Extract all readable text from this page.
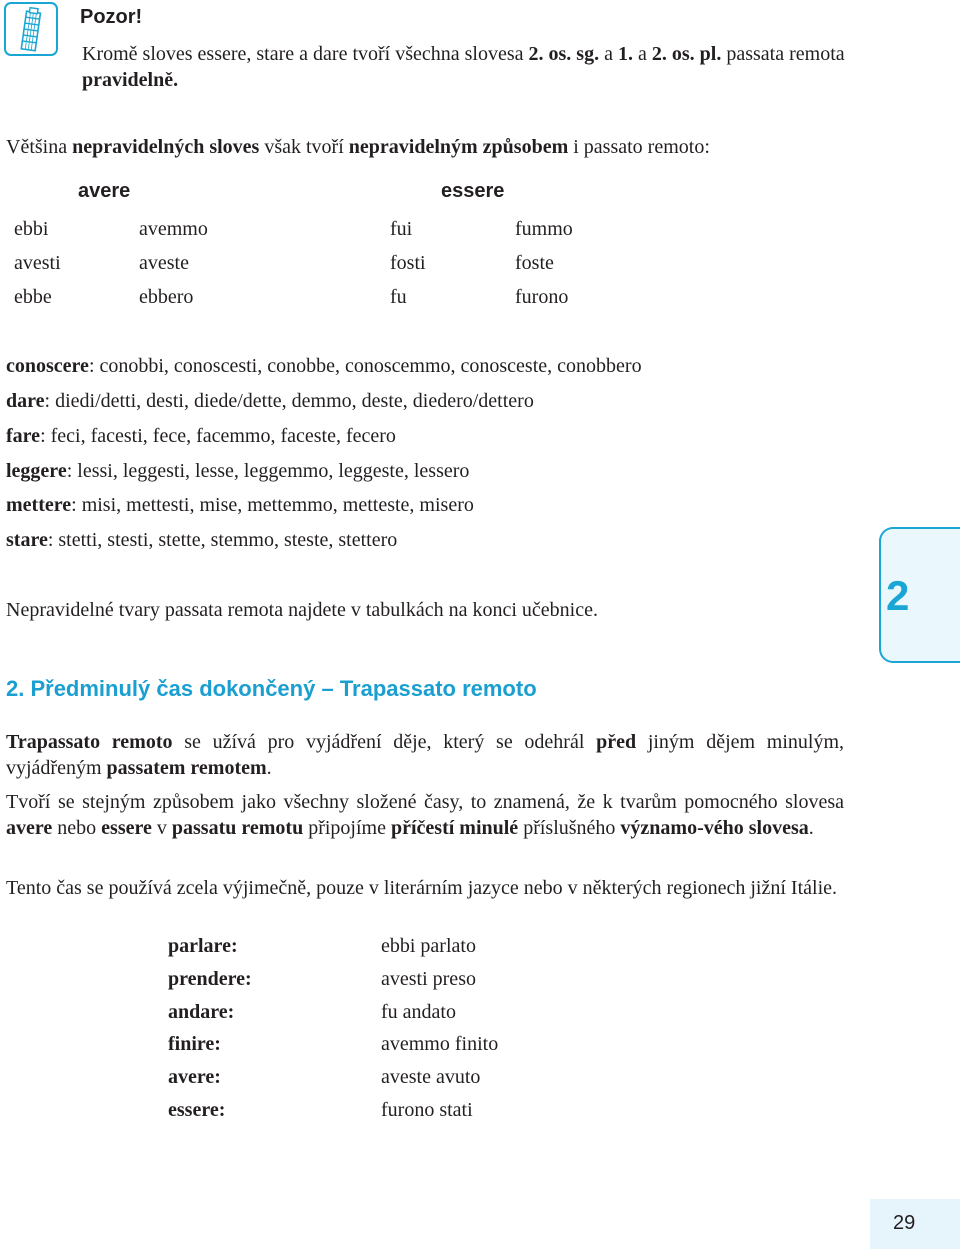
Pozor!
Kromě sloves essere, stare a dare tvoří všechna slovesa 2. os. sg. a 1. a 2. os. pl. passata remota pravidelně.
Většina nepravidelných sloves však tvoří nepravidelným způsobem i passato remoto:
avere	essere
ebbi	avemmo	fui	fummo
avesti	aveste	fosti	foste
ebbe	ebbero	fu	furono
conoscere: conobbi, conoscesti, conobbe, conoscemmo, conosceste, conobbero
dare: diedi/detti, desti, diede/dette, demmo, deste, diedero/dettero
fare: feci, facesti, fece, facemmo, faceste, fecero
leggere: lessi, leggesti, lesse, leggemmo, leggeste, lessero
mettere: misi, mettesti, mise, mettemmo, metteste, misero
stare: stetti, stesti, stette, stemmo, steste, stettero
Nepravidelné tvary passata remota najdete v tabulkách na konci učebnice.	2
2. Předminulý čas dokončený – Trapassato remoto
Trapassato remoto se užívá pro vyjádření děje, který se odehrál před jiným dějem minulým, vyjádřeným passatem remotem.
Tvoří se stejným způsobem jako všechny složené časy, to znamená, že k tvarům pomocného slovesa avere nebo essere v passatu remotu připojíme příčestí minulé příslušného významo-vého slovesa.
Tento čas se používá zcela výjimečně, pouze v literárním jazyce nebo v některých regionech jižní Itálie.
parlare:	ebbi parlato
prendere:	avesti preso
andare:	fu andato
finire:	avemmo finito
avere:	aveste avuto
essere:	furono stati
29
